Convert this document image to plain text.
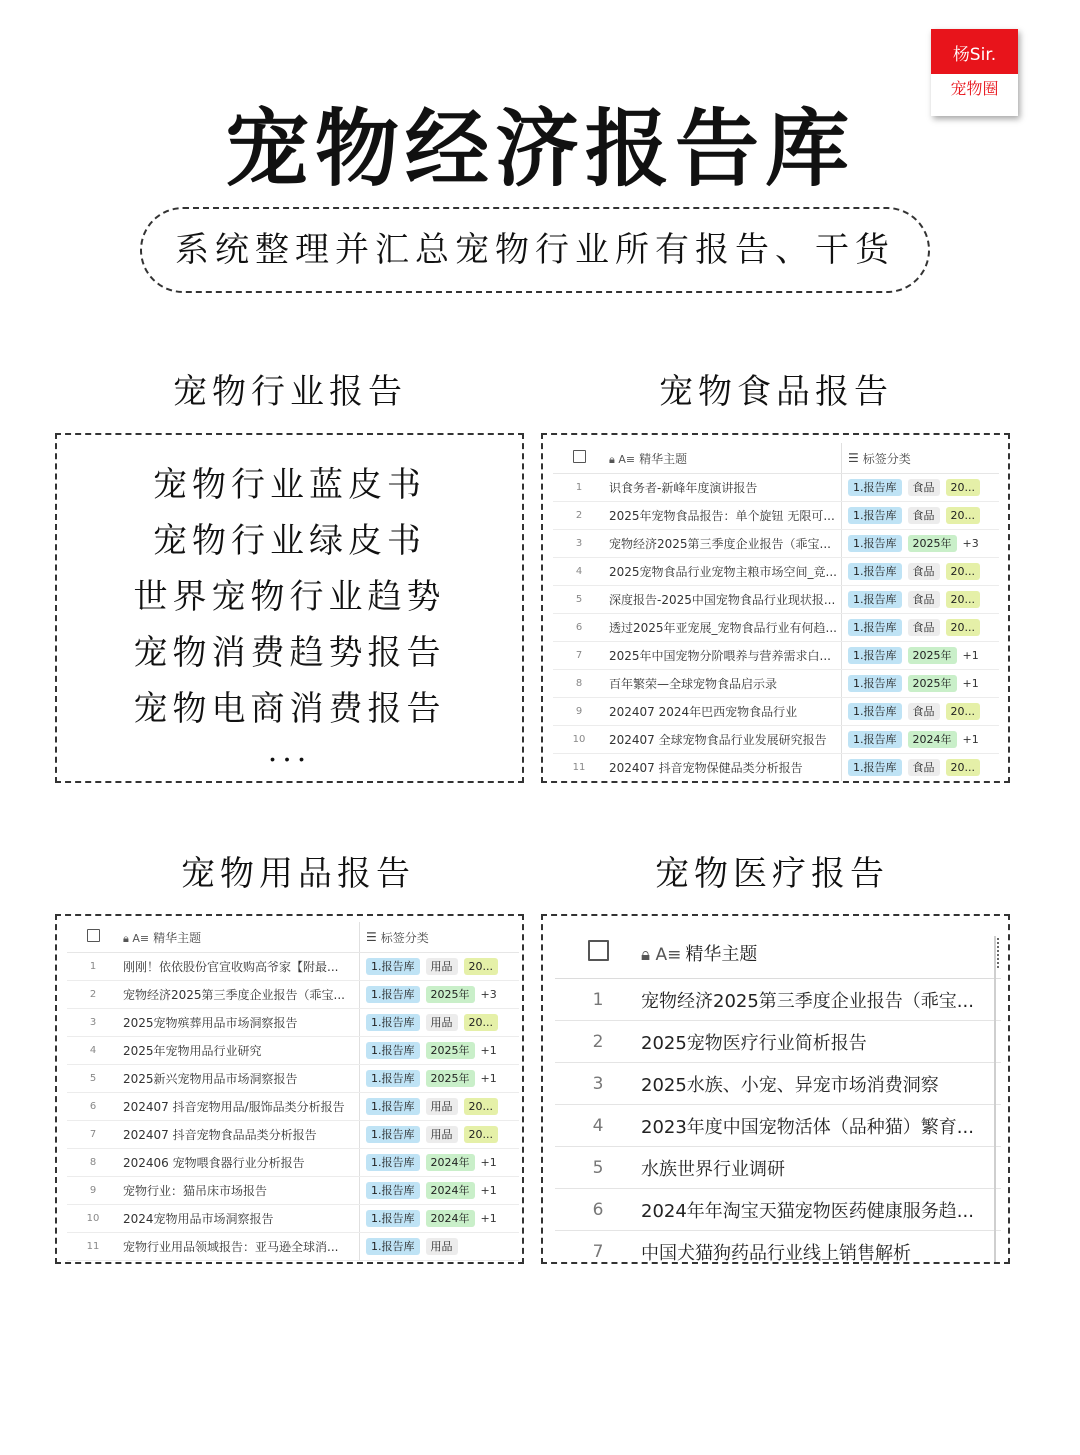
杨Sir.
宠物圈
宠物经济报告库
系统整理并汇总宠物行业所有报告、干货
宠物行业报告	宠物食品报告
宠物用品报告	宠物医疗报告
宠物行业蓝皮书
宠物行业绿皮书
世界宠物行业趋势
宠物消费趋势报告
宠物电商消费报告
...
🔒︎ A≡ 精华主题	☰ 标签分类
1	识食务者-新峰年度演讲报告	1.报告库	食品	20...
2	2025年宠物食品报告：单个旋钮 无限可...	1.报告库	食品	20...
3	宠物经济2025第三季度企业报告（乖宝...	1.报告库	2025年	+3
4	2025宠物食品行业宠物主粮市场空间_竞...	1.报告库	食品	20...
5	深度报告-2025中国宠物食品行业现状报...	1.报告库	食品	20...
6	透过2025年亚宠展_宠物食品行业有何趋...	1.报告库	食品	20...
7	2025年中国宠物分阶喂养与营养需求白...	1.报告库	2025年	+1
8	百年繁荣—全球宠物食品启示录	1.报告库	2025年	+1
9	202407 2024年巴西宠物食品行业	1.报告库	食品	20...
10	202407 全球宠物食品行业发展研究报告	1.报告库	2024年	+1
11	202407 抖音宠物保健品类分析报告	1.报告库	食品	20...
🔒︎ A≡ 精华主题	☰ 标签分类
1	刚刚！依依股份官宣收购高爷家【附最...	1.报告库	用品	20...
2	宠物经济2025第三季度企业报告（乖宝...	1.报告库	2025年	+3
3	2025宠物殡葬用品市场洞察报告	1.报告库	用品	20...
4	2025年宠物用品行业研究	1.报告库	2025年	+1
5	2025新兴宠物用品市场洞察报告	1.报告库	2025年	+1
6	202407 抖音宠物用品/服饰品类分析报告	1.报告库	用品	20...
7	202407 抖音宠物食品品类分析报告	1.报告库	用品	20...
8	202406 宠物喂食器行业分析报告	1.报告库	2024年	+1
9	宠物行业：猫吊床市场报告	1.报告库	2024年	+1
10	2024宠物用品市场洞察报告	1.报告库	2024年	+1
11	宠物行业用品领域报告：亚马逊全球消...	1.报告库	用品
🔒︎ A≡ 精华主题
1	宠物经济2025第三季度企业报告（乖宝...
2	2025宠物医疗行业简析报告
3	2025水族、小宠、异宠市场消费洞察
4	2023年度中国宠物活体（品种猫）繁育...
5	水族世界行业调研
6	2024年年淘宝天猫宠物医药健康服务趋...
7	中国犬猫狗药品行业线上销售解析
